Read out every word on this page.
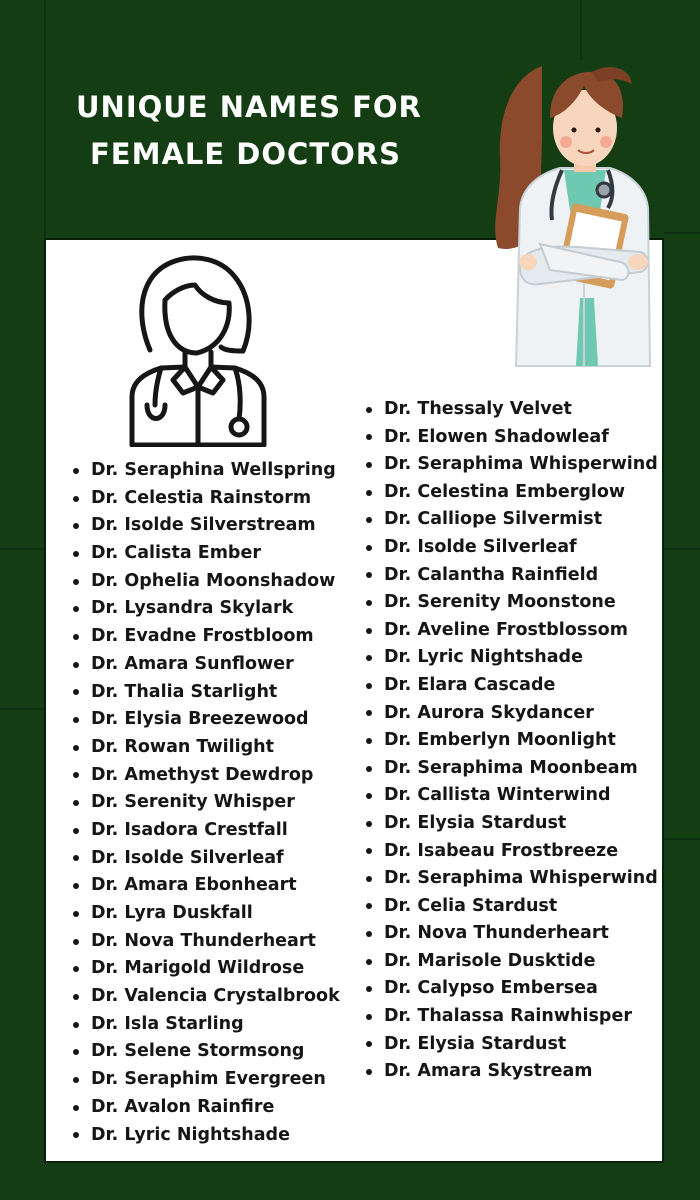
UNIQUE NAMES FOR
FEMALE DOCTORS
Dr. Seraphina Wellspring
Dr. Celestia Rainstorm
Dr. Isolde Silverstream
Dr. Calista Ember
Dr. Ophelia Moonshadow
Dr. Lysandra Skylark
Dr. Evadne Frostbloom
Dr. Amara Sunflower
Dr. Thalia Starlight
Dr. Elysia Breezewood
Dr. Rowan Twilight
Dr. Amethyst Dewdrop
Dr. Serenity Whisper
Dr. Isadora Crestfall
Dr. Isolde Silverleaf
Dr. Amara Ebonheart
Dr. Lyra Duskfall
Dr. Nova Thunderheart
Dr. Marigold Wildrose
Dr. Valencia Crystalbrook
Dr. Isla Starling
Dr. Selene Stormsong
Dr. Seraphim Evergreen
Dr. Avalon Rainfire
Dr. Lyric Nightshade
Dr. Thessaly Velvet
Dr. Elowen Shadowleaf
Dr. Seraphima Whisperwind
Dr. Celestina Emberglow
Dr. Calliope Silvermist
Dr. Isolde Silverleaf
Dr. Calantha Rainfield
Dr. Serenity Moonstone
Dr. Aveline Frostblossom
Dr. Lyric Nightshade
Dr. Elara Cascade
Dr. Aurora Skydancer
Dr. Emberlyn Moonlight
Dr. Seraphima Moonbeam
Dr. Callista Winterwind
Dr. Elysia Stardust
Dr. Isabeau Frostbreeze
Dr. Seraphima Whisperwind
Dr. Celia Stardust
Dr. Nova Thunderheart
Dr. Marisole Dusktide
Dr. Calypso Embersea
Dr. Thalassa Rainwhisper
Dr. Elysia Stardust
Dr. Amara Skystream
